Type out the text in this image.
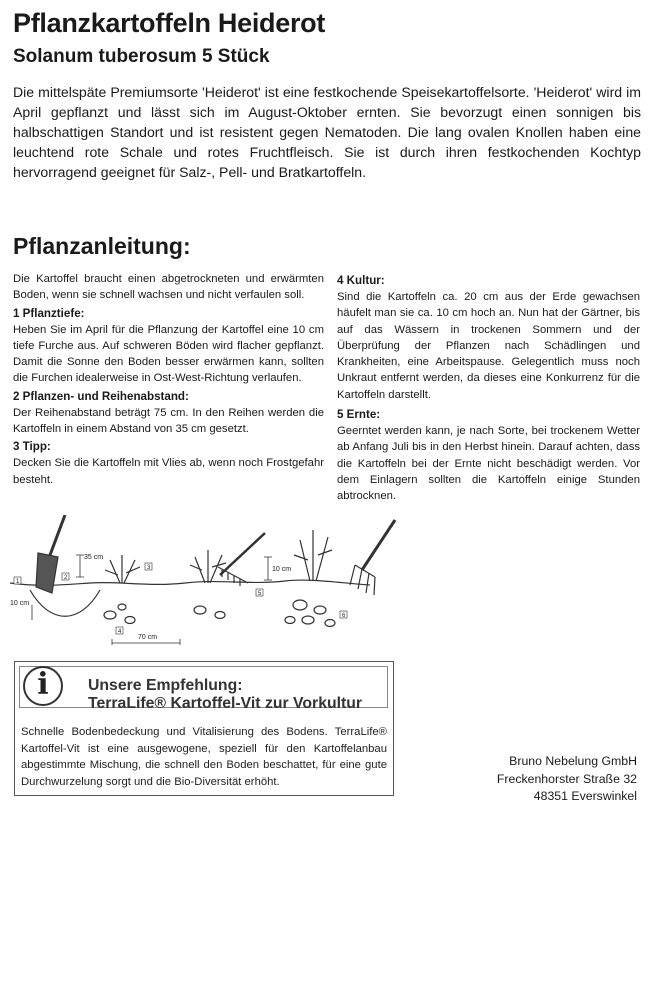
Pflanzkartoffeln Heiderot
Solanum tuberosum 5 Stück

Die mittelspäte Premiumsorte 'Heiderot' ist eine festkochende Speisekartoffelsorte. 'Heiderot' wird im April gepflanzt und lässt sich im August-Oktober ernten. Sie bevorzugt einen sonnigen bis halbschattigen Standort und ist resistent gegen Nematoden. Die lang ovalen Knollen haben eine leuchtend rote Schale und rotes Fruchtfleisch. Sie ist durch ihren festkochenden Kochtyp hervorragend geeignet für Salz-, Pell- und Bratkartoffeln.

Pflanzanleitung:

Die Kartoffel braucht einen abgetrockneten und erwärmten Boden, wenn sie schnell wachsen und nicht verfaulen soll.

1 Pflanztiefe:

Heben Sie im April für die Pflanzung der Kartoffel eine 10 cm tiefe Furche aus. Auf schweren Böden wird flacher gepflanzt. Damit die Sonne den Boden besser erwärmen kann, sollten die Furchen idealerweise in Ost-West-Richtung verlaufen.

2 Pflanzen- und Reihenabstand:

Der Reihenabstand beträgt 75 cm. In den Reihen werden die Kartoffeln in einem Abstand von 35 cm gesetzt.

3 Tipp:

Decken Sie die Kartoffeln mit Vlies ab, wenn noch Frostgefahr besteht.

4 Kultur:

Sind die Kartoffeln ca. 20 cm aus der Erde gewachsen häufelt man sie ca. 10 cm hoch an. Nun hat der Gärtner, bis auf das Wässern in trockenen Sommern und der Überprüfung der Pflanzen nach Schädlingen und Krankheiten, eine Arbeitspause. Gelegentlich muss noch Unkraut entfernt werden, da dieses eine Konkurrenz für die Kartoffeln darstellt.

5 Ernte:

Geerntet werden kann, je nach Sorte, bei trockenem Wetter ab Anfang Juli bis in den Herbst hinein. Darauf achten, dass die Kartoffeln bei der Ernte nicht beschädigt werden. Vor dem Einlagern sollten die Kartoffeln einige Stunden abtrocknen.

35 cm
10 cm
70 cm
10 cm
1
2
3
4
5
6
i	Unsere Empfehlung:
TerraLife® Kartoffel-Vit zur Vorkultur

Schnelle Bodenbedeckung und Vitalisierung des Bodens. TerraLife® Kartoffel-Vit ist eine ausgewogene, speziell für den Kartoffelanbau abgestimmte Mischung, die schnell den Boden beschattet, für eine gute Durchwurzelung sorgt und die Bio-Diversität erhöht.

Bruno Nebelung GmbH
Freckenhorster Straße 32
48351 Everswinkel
